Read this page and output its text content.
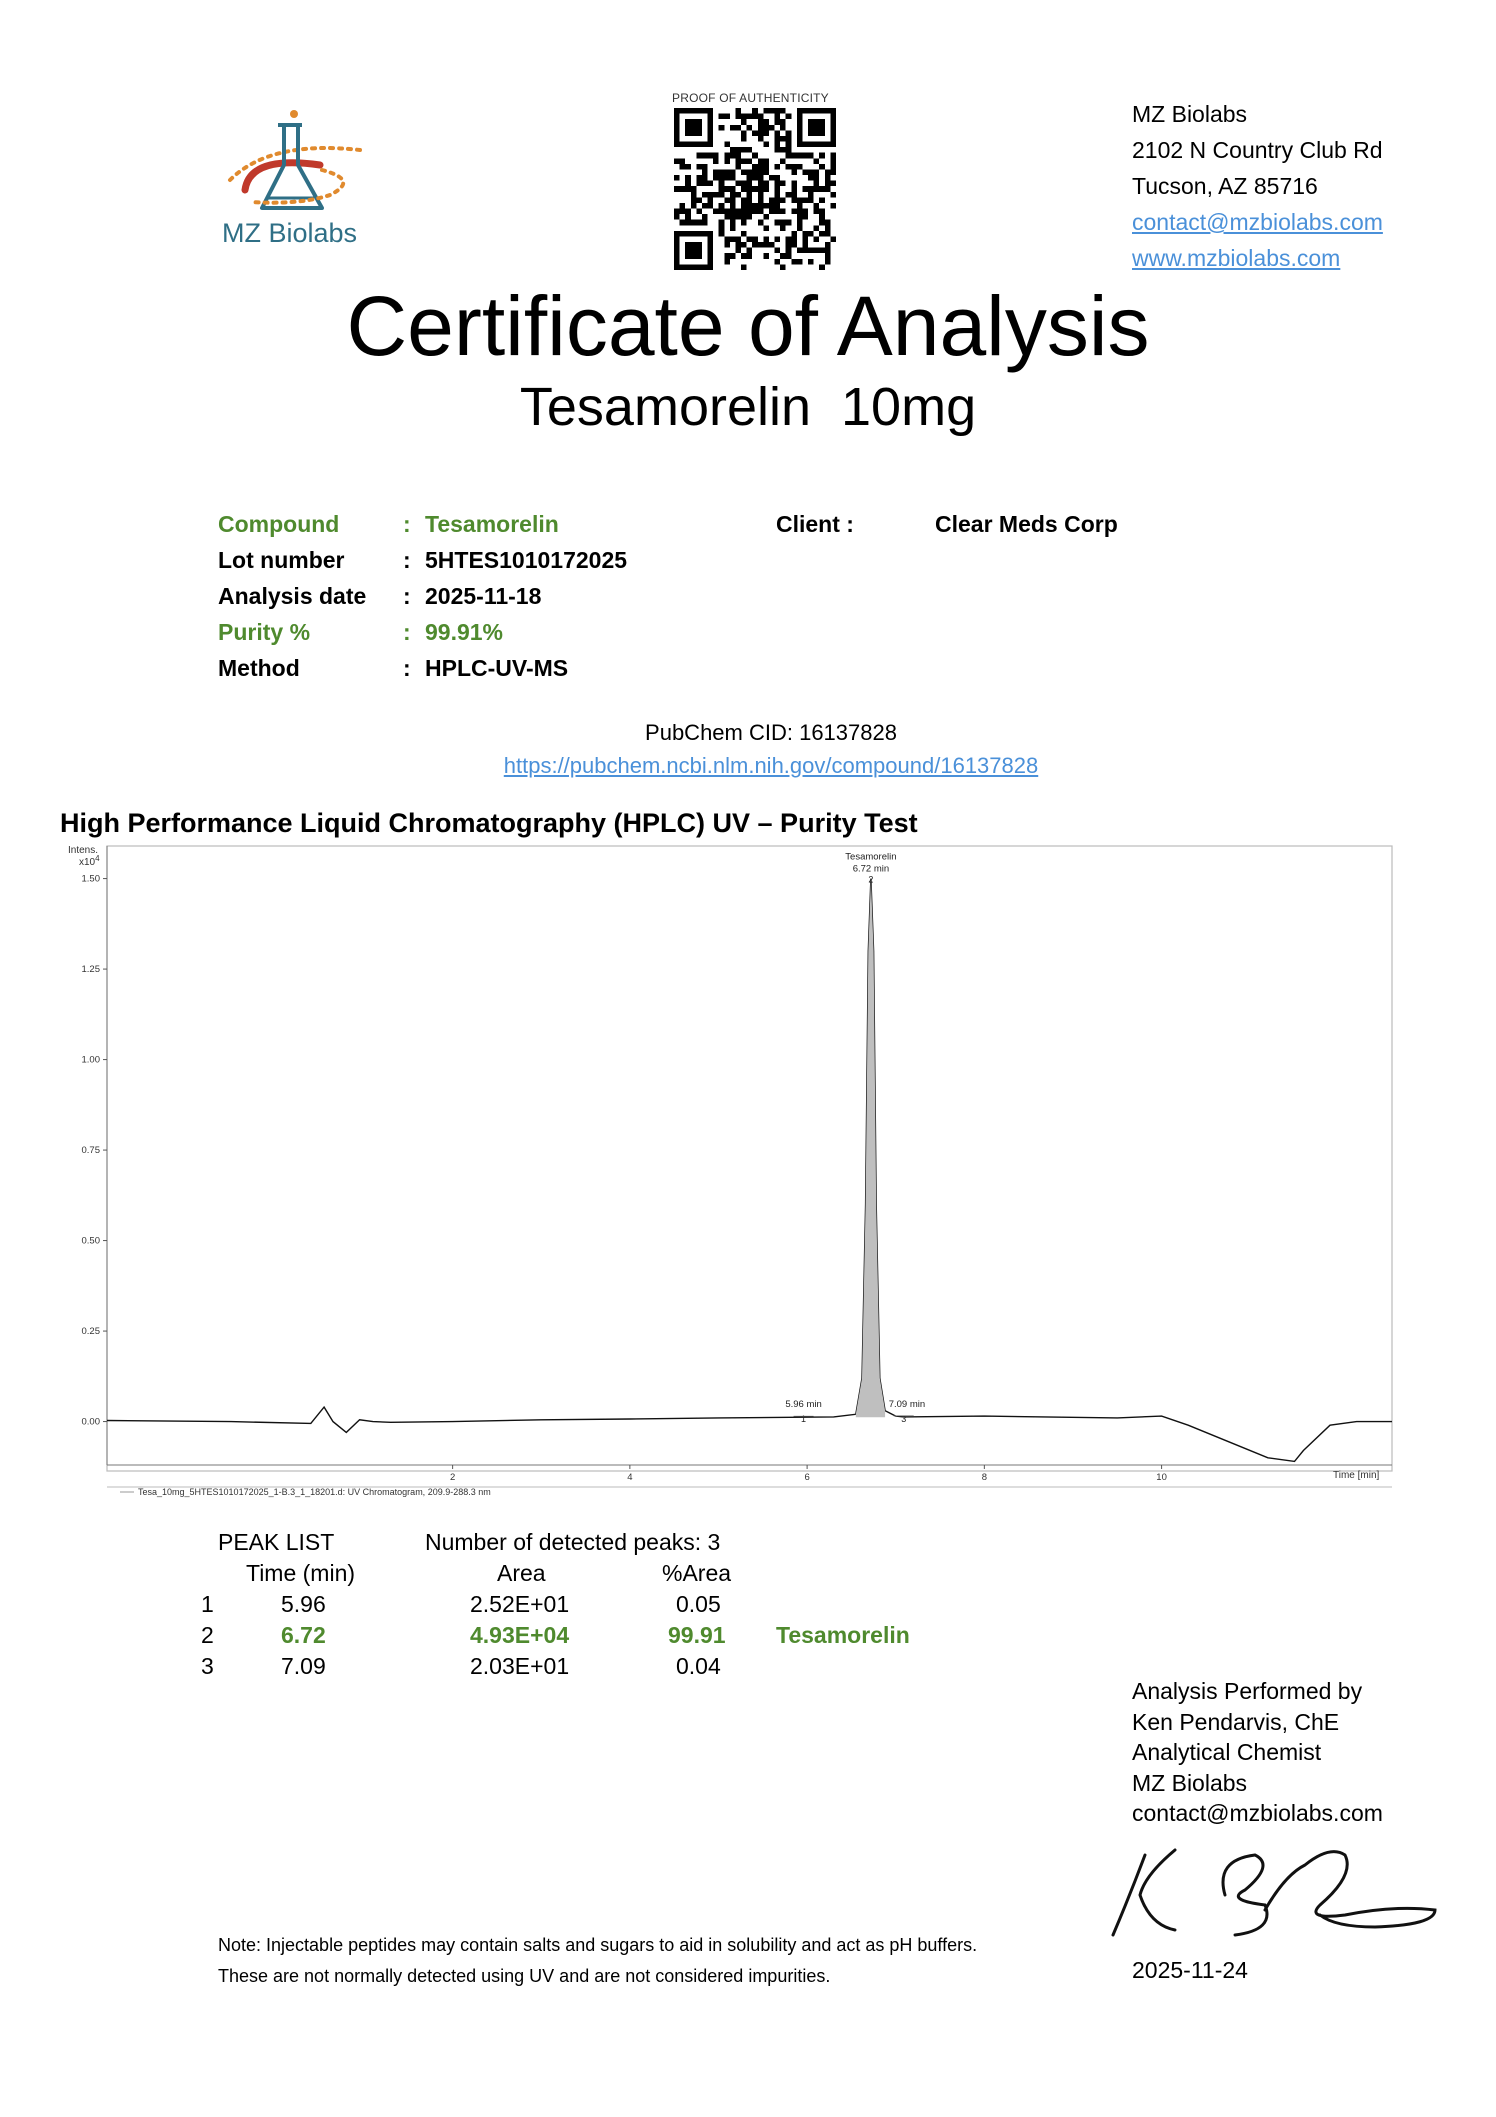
MZ Biolabs
PROOF OF AUTHENTICITY
MZ Biolabs
2102 N Country Club Rd
Tucson, AZ 85716
contact@mzbiolabs.com
www.mzbiolabs.com
Certificate of Analysis
Tesamorelin  10mg
Compound	: Tesamorelin
Lot number	: 5HTES1010172025
Analysis date : 2025-11-18
Purity %	: 99.91%
Method	: HPLC-UV-MS
Client :	Clear Meds Corp
PubChem CID: 16137828
https://pubchem.ncbi.nlm.nih.gov/compound/16137828
High Performance Liquid Chromatography (HPLC) UV – Purity Test
Intens.
$x10^4$
Time [min]
0.00
0.25
0.50
0.75
1.00
1.25
1.50
2	4	6	8	10
Tesamorelin
6.72 min
2
5.96 min
1
7.09 min
3
Tesa_10mg_5HTES1010172025_1-B.3_1_18201.d: UV Chromatogram, 209.9-288.3 nm
PEAK LIST	Number of detected peaks: 3
Time (min)	Area	%Area
1	5.96	2.52E+01	0.05
2	6.72	4.93E+04	99.91 Tesamorelin
3	7.09	2.03E+01	0.04
Analysis Performed by
Ken Pendarvis, ChE
Analytical Chemist
MZ Biolabs
contact@mzbiolabs.com
2025-11-24
Note: Injectable peptides may contain salts and sugars to aid in solubility and act as pH buffers.
These are not normally detected using UV and are not considered impurities.
